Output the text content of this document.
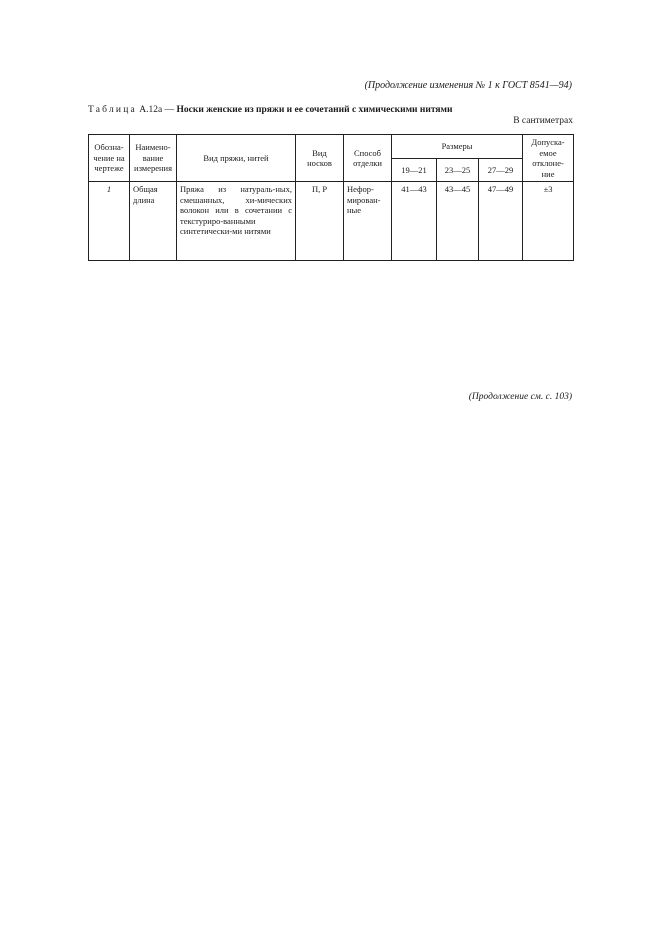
(Продолжение изменения № 1 к ГОСТ 8541—94)
Таблица А.12а — Носки женские из пряжи и ее сочетаний с химическими нитями
В сантиметрах
Обозна-чение на чертеже	Наимено-вание измерения	Вид пряжи, нитей	Вид носков	Способ отделки	Размеры			Допуска-емое отклоне-ние
					19—21	23—25	27—29	
1	Общая длина	Пряжа из натураль-ных, смешанных, хи-мических волокон или в сочетании с текстуриро-ванными синтетически-ми нитями	П, Р	Нефор-мирован-ные	41—43	43—45	47—49	±3
(Продолжение см. с. 103)
